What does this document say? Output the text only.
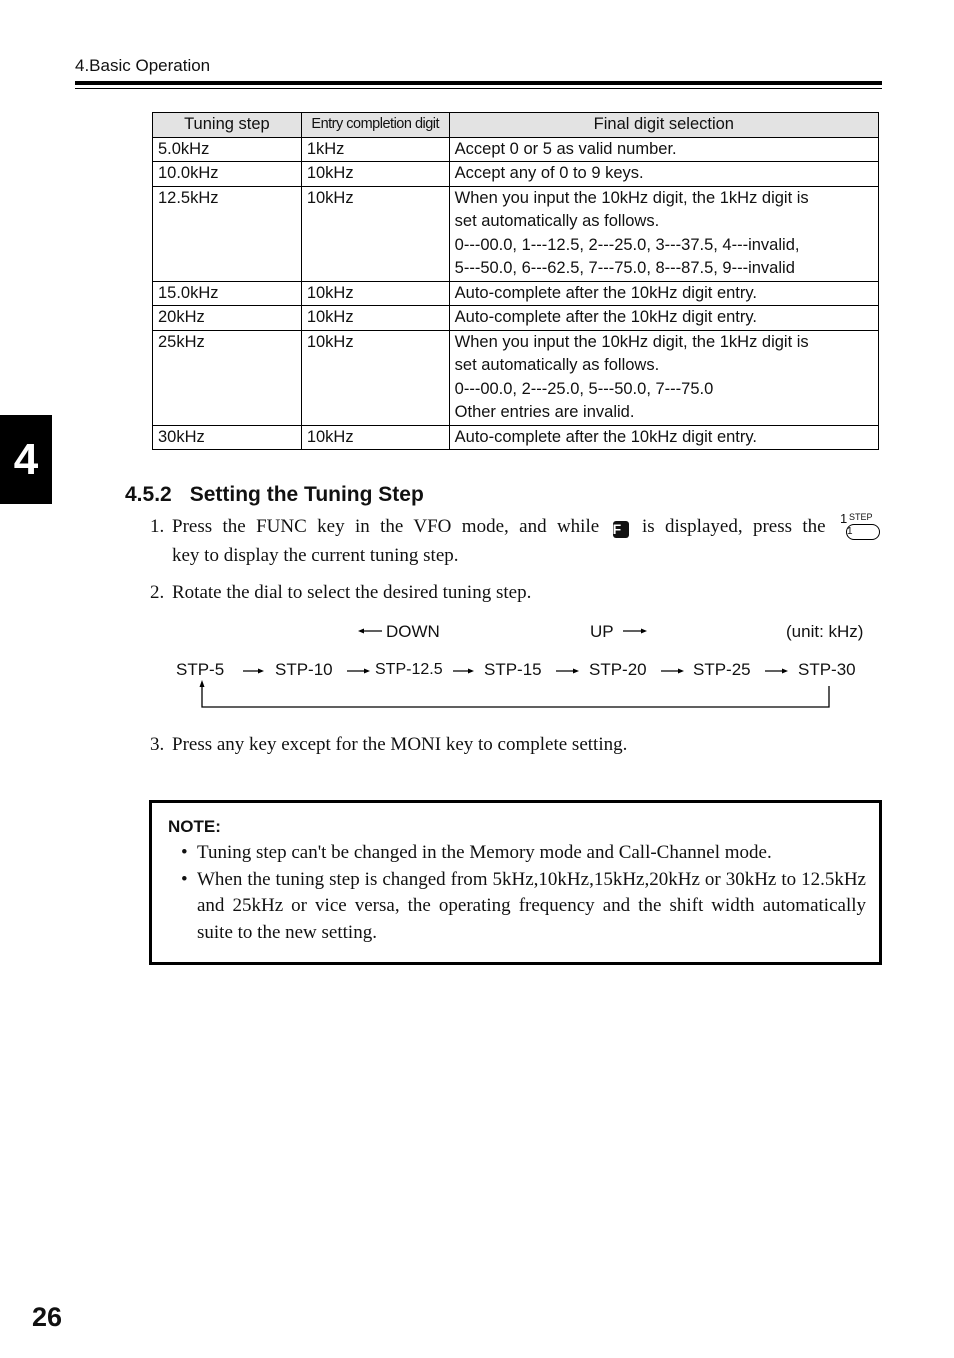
4.Basic Operation
4
Tuning step	Entry completion digit	Final digit selection
5.0kHz	1kHz	Accept 0 or 5 as valid number.

10.0kHz	10kHz	Accept any of 0 to 9 keys.

12.5kHz	10kHz	When you input the 10kHz digit, the 1kHz digit is
set automatically as follows.
0---00.0, 1---12.5, 2---25.0, 3---37.5, 4---invalid,
5---50.0, 6---62.5, 7---75.0, 8---87.5, 9---invalid

15.0kHz	10kHz	Auto-complete after the 10kHz digit entry.

20kHz	10kHz	Auto-complete after the 10kHz digit entry.

25kHz	10kHz	When you input the 10kHz digit, the 1kHz digit is
set automatically as follows.
0---00.0, 2---25.0, 5---50.0, 7---75.0
Other entries are invalid.

30kHz	10kHz	Auto-complete after the 10kHz digit entry.
4.5.2 Setting the Tuning Step
1. Press the FUNC key in the VFO mode, and while F is displayed, press the 1 STEP
1
key to display the current tuning step.
2. Rotate the dial to select the desired tuning step.
DOWN	UP	(unit: kHz)
STP-5	STP-10	STP-12.5 STP-15	STP-20	STP-25	STP-30
3. Press any key except for the MONI key to complete setting.
NOTE:
• Tuning step can't be changed in the Memory mode and Call-Channel mode.
• When the tuning step is changed from 5kHz,10kHz,15kHz,20kHz or 30kHz to 12.5kHz and 25kHz or vice versa, the operating frequency and the shift width automatically suite to the new setting.
26
